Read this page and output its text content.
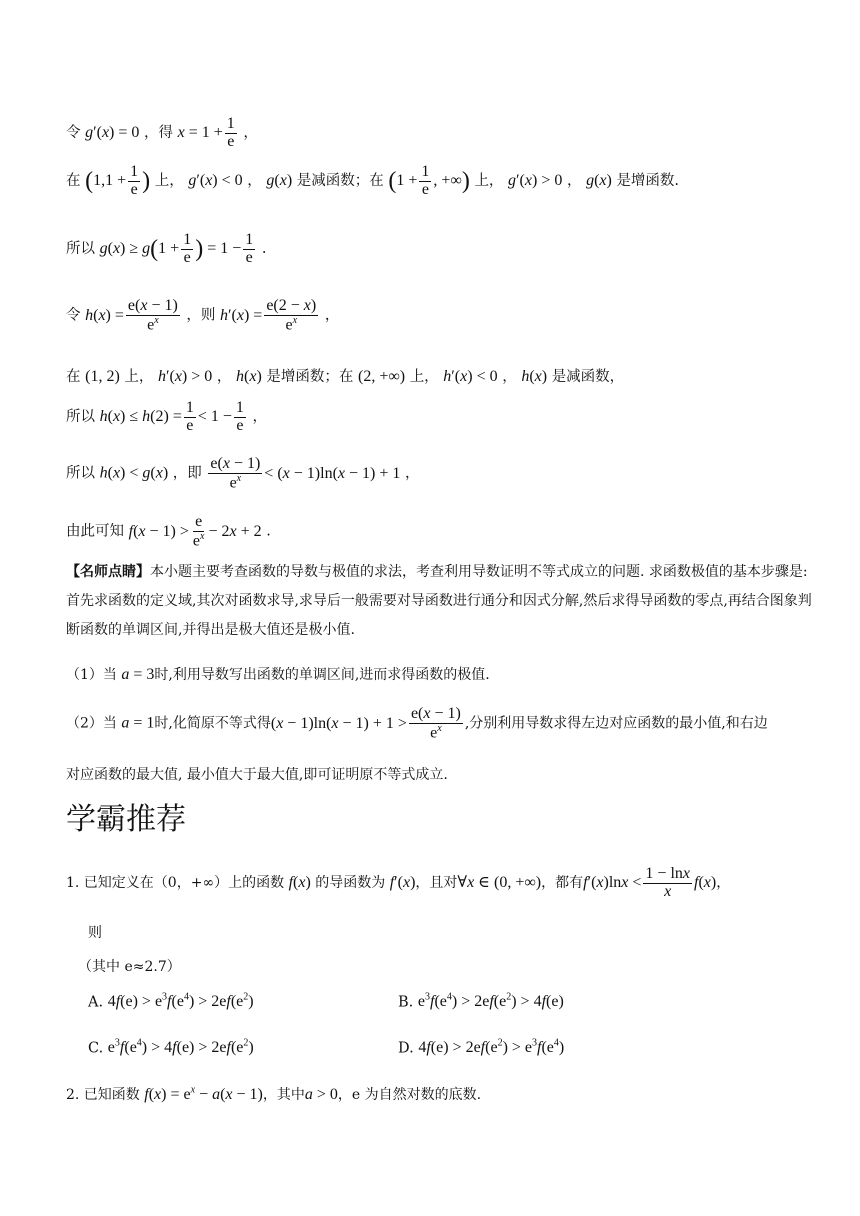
令 g′(x) = 0 ，得 $x = 1 + \frac{1}{e}$ ，
在 ($1,1 + \frac{1}{e}$ ) 上， g′(x) < 0 ， g(x) 是减函数；在 ($1 + \frac{1}{e}$ , +∞) 上， g′(x) > 0 ， g(x) 是增函数.
所以 $g(x) \ge g(1 + \frac{1}{e}$ ) = $1 - \frac{1}{e}$ .
令 $h(x) = \frac{e(x - 1)}{e^x}$ ，则 $h'(x) = \frac{e(2 - x)}{e^x}$ ，
在 (1, 2) 上， h′(x) > 0 ， h(x) 是增函数；在 (2, +∞) 上， h′(x) < 0 ， h(x) 是减函数，
所以 $h(x) \le h(2) = \frac{1}{e} < 1 - \frac{1}{e}$ ，
所以 h(x) < g(x) ，即 $\frac{e(x - 1)}{e^x} < (x - 1)\ln(x - 1) + 1$ ，
由此可知 $f(x - 1) > \frac{e}{e^x} - 2x + 2$ .
【名师点睛】本小题主要考查函数的导数与极值的求法，考查利用导数证明不等式成立的问题. 求函数极值的基本步骤是:首先求函数的定义域,其次对函数求导,求导后一般需要对导函数进行通分和因式分解,然后求得导函数的零点,再结合图象判断函数的单调区间,并得出是极大值还是极小值.
（1）当 a = 3时,利用导数写出函数的单调区间,进而求得函数的极值.
（2）当 a = 1时,化简原不等式得$(x - 1)\ln(x - 1) + 1 > \frac{e(x - 1)}{e^x}$ ,分别利用导数求得左边对应函数的最小值,和右边
对应函数的最大值, 最小值大于最大值,即可证明原不等式成立.
学霸推荐
1. 已知定义在（0，+∞）上的函数 f(x) 的导函数为 f′(x)，且对∀x ∈ (0, +∞)，都有$f'(x)\ln x < \frac{1 - \ln x}{x} f(x)$，
则
（其中 e≈2.7）
A. $4f(e) > e^3f(e^4) > 2ef(e^2)$	B. $e^3f(e^4) > 2ef(e^2) > 4f(e)$
C. $e^3f(e^4) > 4f(e) > 2ef(e^2)$	D. $4f(e) > 2ef(e^2) > e^3f(e^4)$
2. 已知函数 $f(x) = e^x - a(x - 1)$，其中a > 0，e 为自然对数的底数.
